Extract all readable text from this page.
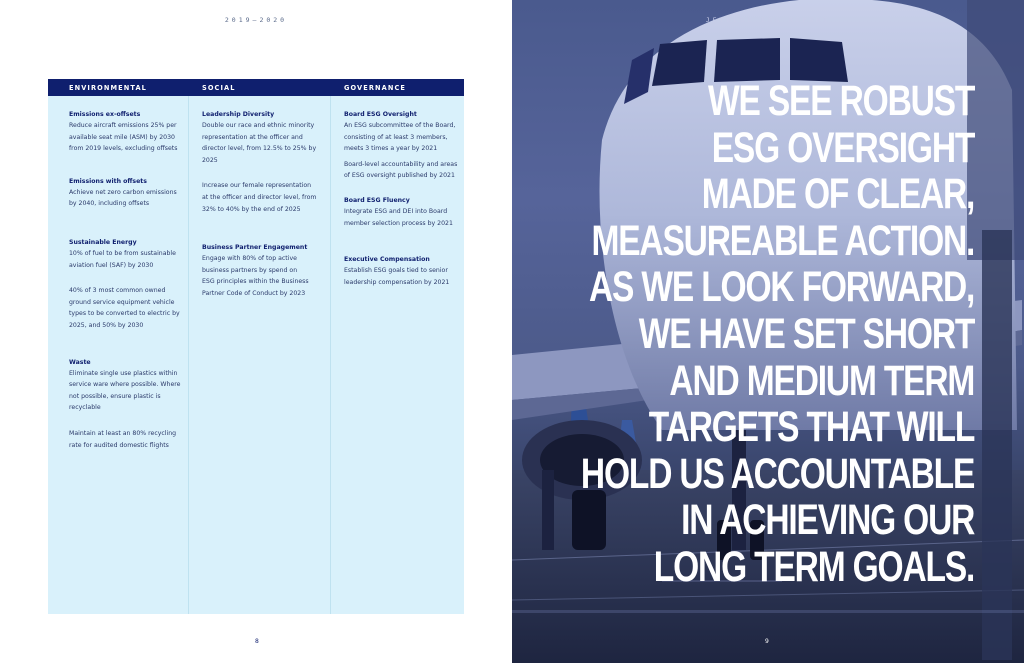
2019–2020
ENVIRONMENTAL	SOCIAL	GOVERNANCE
Emissions ex-offsets
Reduce aircraft emissions 25% per
available seat mile (ASM) by 2030
from 2019 levels, excluding offsets
Emissions with offsets
Achieve net zero carbon emissions
by 2040, including offsets
Sustainable Energy
10% of fuel to be from sustainable
aviation fuel (SAF) by 2030
40% of 3 most common owned
ground service equipment vehicle
types to be converted to electric by
2025, and 50% by 2030
Waste
Eliminate single use plastics within
service ware where possible. Where
not possible, ensure plastic is
recyclable
Maintain at least an 80% recycling
rate for audited domestic flights
Leadership Diversity
Double our race and ethnic minority
representation at the officer and
director level, from 12.5% to 25% by
2025
Increase our female representation
at the officer and director level, from
32% to 40% by the end of 2025
Business Partner Engagement
Engage with 80% of top active
business partners by spend on
ESG principles within the Business
Partner Code of Conduct by 2023
Board ESG Oversight
An ESG subcommittee of the Board,
consisting of at least 3 members,
meets 3 times a year by 2021
Board-level accountability and areas
of ESG oversight published by 2021
Board ESG Fluency
Integrate ESG and DEI into Board
member selection process by 2021
Executive Compensation
Establish ESG goals tied to senior
leadership compensation by 2021
8
JETBLUE ESG REPORT
WE SEE ROBUST
ESG OVERSIGHT
MADE OF CLEAR,
MEASUREABLE ACTION.
AS WE LOOK FORWARD,
WE HAVE SET SHORT
AND MEDIUM TERM
TARGETS THAT WILL
HOLD US ACCOUNTABLE
IN ACHIEVING OUR
LONG TERM GOALS.
9
